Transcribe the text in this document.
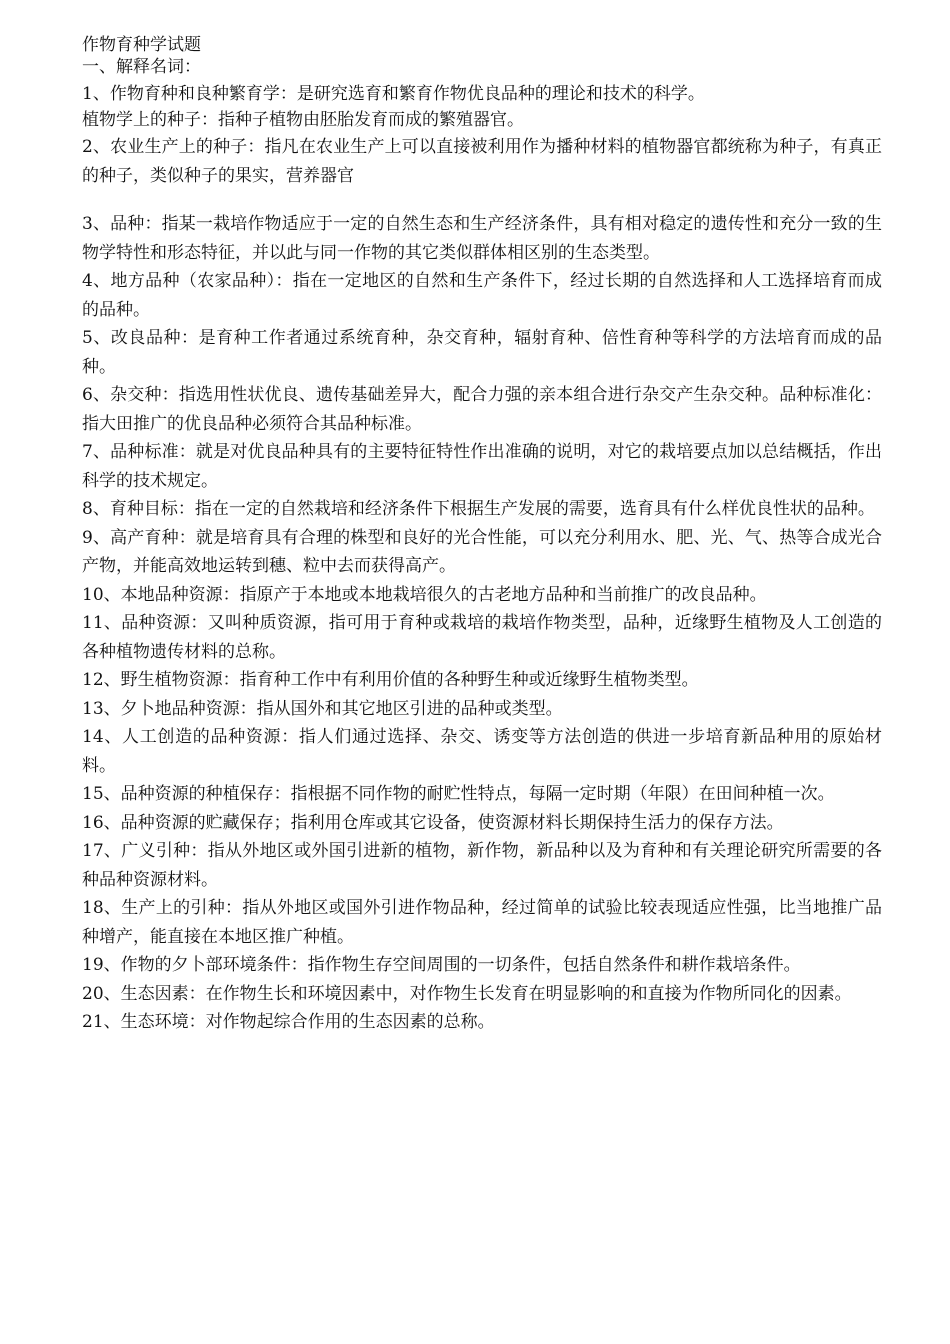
作物育种学试题

一、解释名词：

1、作物育种和良种繁育学：是研究选育和繁育作物优良品种的理论和技术的科学。

植物学上的种子：指种子植物由胚胎发育而成的繁殖器官。

2、农业生产上的种子：指凡在农业生产上可以直接被利用作为播种材料的植物器官都统称为种子，有真正的种子，类似种子的果实，营养器官

3、品种：指某一栽培作物适应于一定的自然生态和生产经济条件，具有相对稳定的遗传性和充分一致的生物学特性和形态特征，并以此与同一作物的其它类似群体相区别的生态类型。

4、地方品种（农家品种）：指在一定地区的自然和生产条件下，经过长期的自然选择和人工选择培育而成的品种。

5、改良品种：是育种工作者通过系统育种，杂交育种，辐射育种、倍性育种等科学的方法培育而成的品种。

6、杂交种：指选用性状优良、遗传基础差异大，配合力强的亲本组合进行杂交产生杂交种。品种标准化：指大田推广的优良品种必须符合其品种标准。

7、品种标准：就是对优良品种具有的主要特征特性作出准确的说明，对它的栽培要点加以总结概括，作出科学的技术规定。

8、育种目标：指在一定的自然栽培和经济条件下根据生产发展的需要，选育具有什么样优良性状的品种。

9、高产育种：就是培育具有合理的株型和良好的光合性能，可以充分利用水、肥、光、气、热等合成光合产物，并能高效地运转到穗、粒中去而获得高产。

10、本地品种资源：指原产于本地或本地栽培很久的古老地方品种和当前推广的改良品种。

11、品种资源：又叫种质资源，指可用于育种或栽培的栽培作物类型，品种，近缘野生植物及人工创造的各种植物遗传材料的总称。

12、野生植物资源：指育种工作中有利用价值的各种野生种或近缘野生植物类型。

13、夕卜地品种资源：指从国外和其它地区引进的品种或类型。

14、人工创造的品种资源：指人们通过选择、杂交、诱变等方法创造的供进一步培育新品种用的原始材料。

15、品种资源的种植保存：指根据不同作物的耐贮性特点，每隔一定时期（年限）在田间种植一次。

16、品种资源的贮藏保存；指利用仓库或其它设备，使资源材料长期保持生活力的保存方法。

17、广义引种：指从外地区或外国引进新的植物，新作物，新品种以及为育种和有关理论研究所需要的各种品种资源材料。

18、生产上的引种：指从外地区或国外引进作物品种，经过简单的试验比较表现适应性强，比当地推广品种增产，能直接在本地区推广种植。

19、作物的夕卜部环境条件：指作物生存空间周围的一切条件，包括自然条件和耕作栽培条件。

20、生态因素：在作物生长和环境因素中，对作物生长发育在明显影响的和直接为作物所同化的因素。

21、生态环境：对作物起综合作用的生态因素的总称。
